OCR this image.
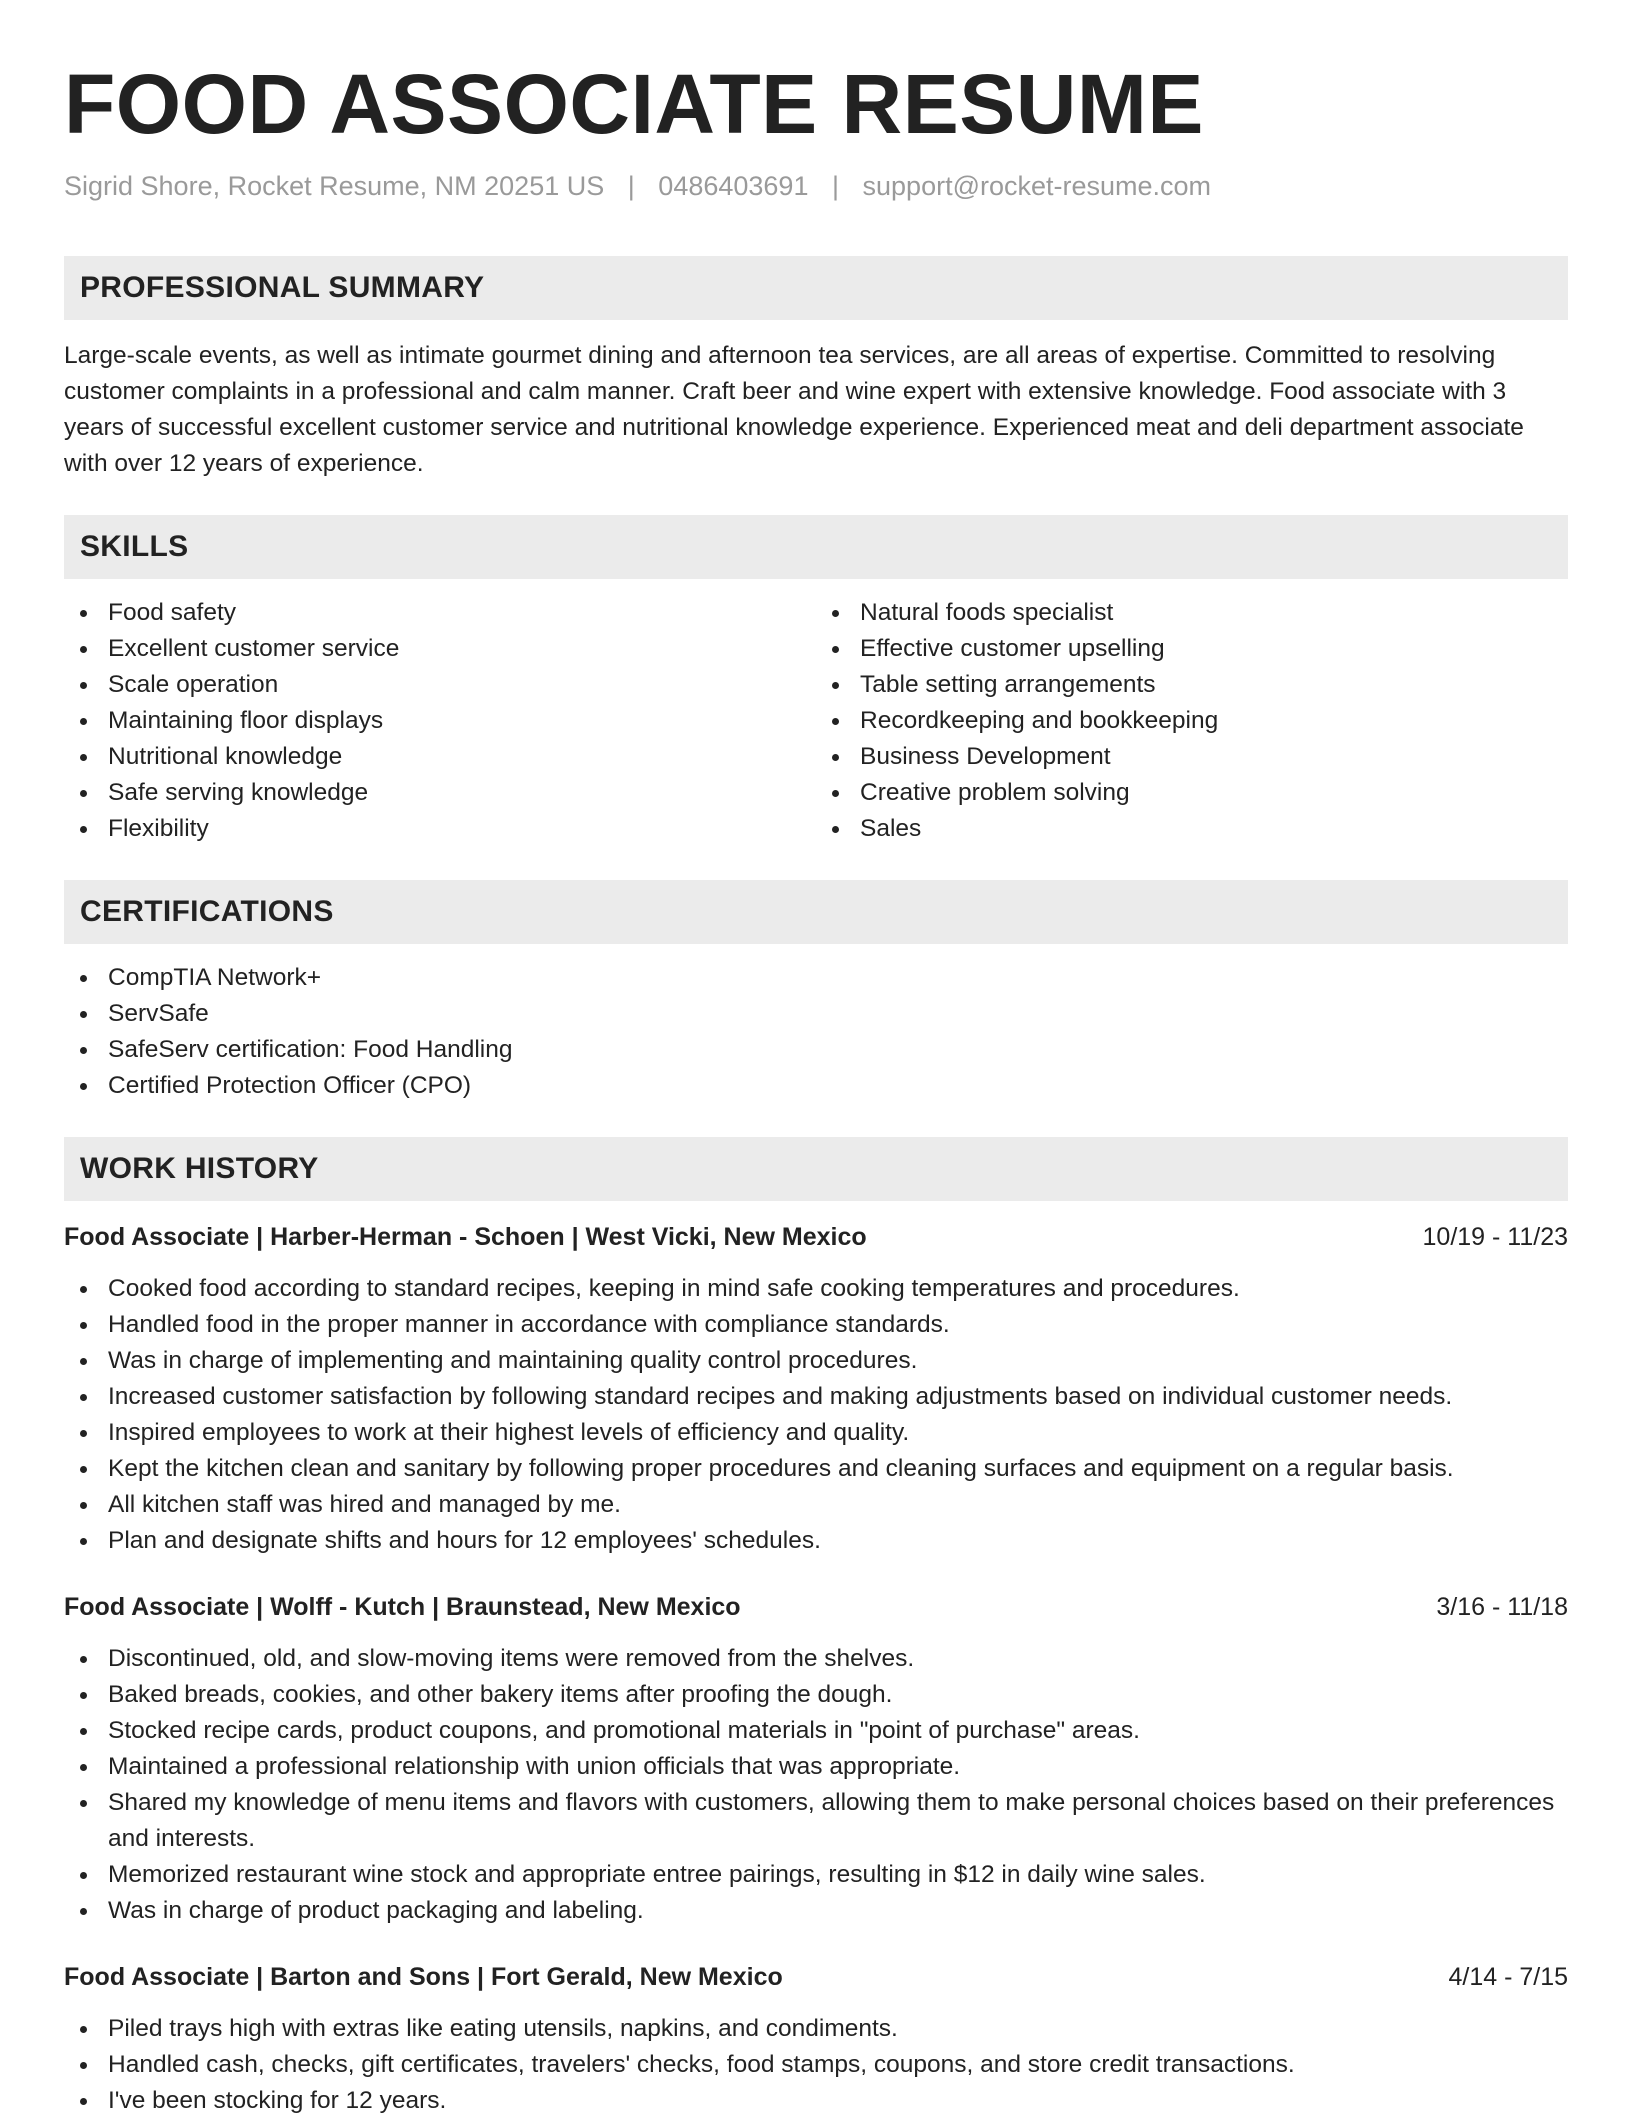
FOOD ASSOCIATE RESUME
Sigrid Shore, Rocket Resume, NM 20251 US | 0486403691 | support@rocket-resume.com
PROFESSIONAL SUMMARY

Large-scale events, as well as intimate gourmet dining and afternoon tea services, are all areas of expertise. Committed to resolving customer complaints in a professional and calm manner. Craft beer and wine expert with extensive knowledge. Food associate with 3 years of successful excellent customer service and nutritional knowledge experience. Experienced meat and deli department associate with over 12 years of experience.

SKILLS
Food safety
Excellent customer service
Scale operation
Maintaining floor displays
Nutritional knowledge
Safe serving knowledge
Flexibility
Natural foods specialist
Effective customer upselling
Table setting arrangements
Recordkeeping and bookkeeping
Business Development
Creative problem solving
Sales
CERTIFICATIONS
CompTIA Network+
ServSafe
SafeServ certification: Food Handling
Certified Protection Officer (CPO)
WORK HISTORY
Food Associate | Harber-Herman - Schoen | West Vicki, New Mexico	10/19 - 11/23
Cooked food according to standard recipes, keeping in mind safe cooking temperatures and procedures.
Handled food in the proper manner in accordance with compliance standards.
Was in charge of implementing and maintaining quality control procedures.
Increased customer satisfaction by following standard recipes and making adjustments based on individual customer needs.
Inspired employees to work at their highest levels of efficiency and quality.
Kept the kitchen clean and sanitary by following proper procedures and cleaning surfaces and equipment on a regular basis.
All kitchen staff was hired and managed by me.
Plan and designate shifts and hours for 12 employees' schedules.
Food Associate | Wolff - Kutch | Braunstead, New Mexico	3/16 - 11/18
Discontinued, old, and slow-moving items were removed from the shelves.
Baked breads, cookies, and other bakery items after proofing the dough.
Stocked recipe cards, product coupons, and promotional materials in "point of purchase" areas.
Maintained a professional relationship with union officials that was appropriate.
Shared my knowledge of menu items and flavors with customers, allowing them to make personal choices based on their preferences and interests.
Memorized restaurant wine stock and appropriate entree pairings, resulting in $12 in daily wine sales.
Was in charge of product packaging and labeling.
Food Associate | Barton and Sons | Fort Gerald, New Mexico	4/14 - 7/15
Piled trays high with extras like eating utensils, napkins, and condiments.
Handled cash, checks, gift certificates, travelers' checks, food stamps, coupons, and store credit transactions.
I've been stocking for 12 years.
